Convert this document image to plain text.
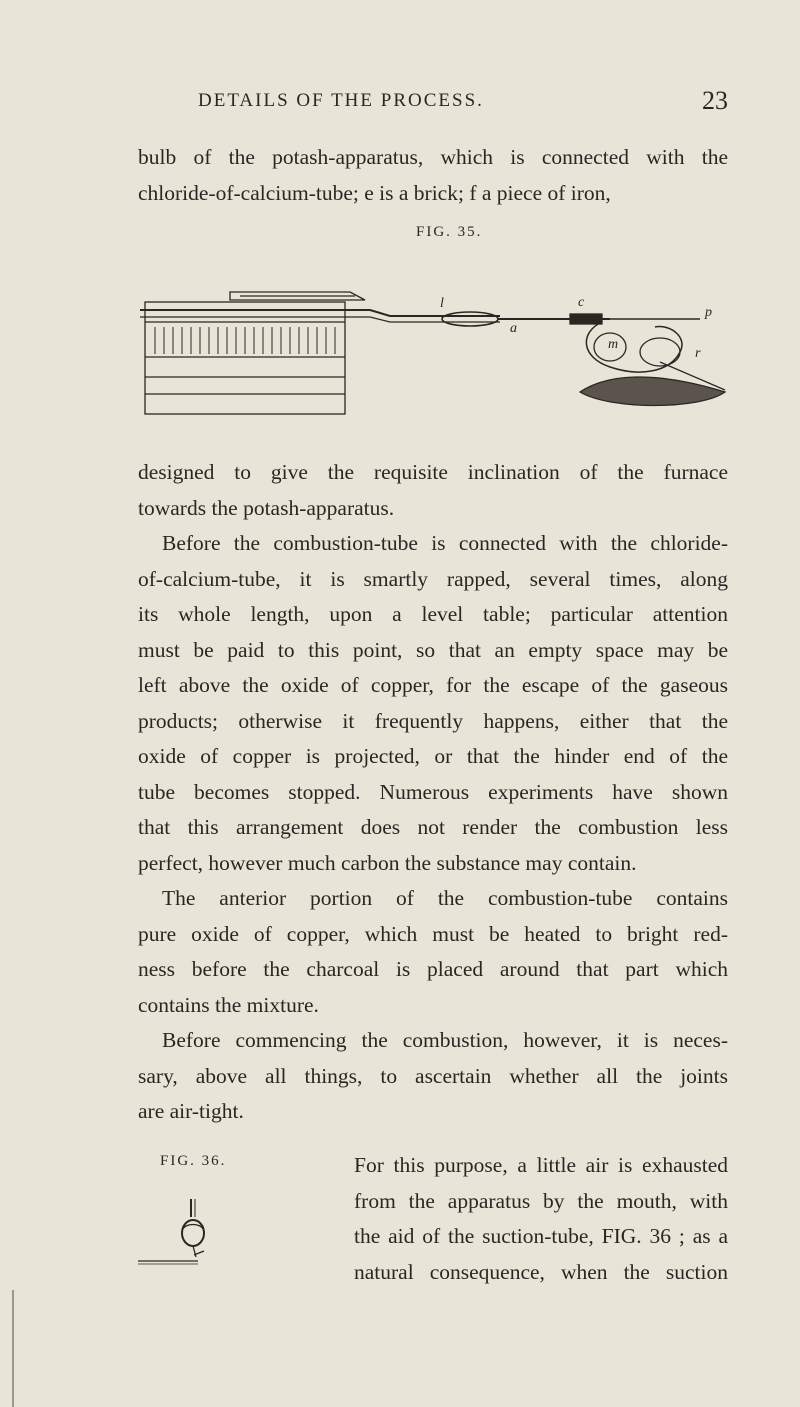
DETAILS OF THE PROCESS.	23
bulb of the potash-apparatus, which is connected with the
chloride-of-calcium-tube; e is a brick; f a piece of iron,
FIG. 35.
l	c
p
m
r
a
designed to give the requisite inclination of the furnace
towards the potash-apparatus.
Before the combustion-tube is connected with the chloride-
of-calcium-tube, it is smartly rapped, several times, along
its whole length, upon a level table; particular attention
must be paid to this point, so that an empty space may be
left above the oxide of copper, for the escape of the gaseous
products; otherwise it frequently happens, either that the
oxide of copper is projected, or that the hinder end of the
tube becomes stopped. Numerous experiments have shown
that this arrangement does not render the combustion less
perfect, however much carbon the substance may contain.
The anterior portion of the combustion-tube contains
pure oxide of copper, which must be heated to bright red-
ness before the charcoal is placed around that part which
contains the mixture.
Before commencing the combustion, however, it is neces-
sary, above all things, to ascertain whether all the joints
are air-tight.
FIG. 36.	For this purpose, a little air is exhausted
from the apparatus by the mouth, with
the aid of the suction-tube, FIG. 36 ; as a
natural consequence, when the suction
